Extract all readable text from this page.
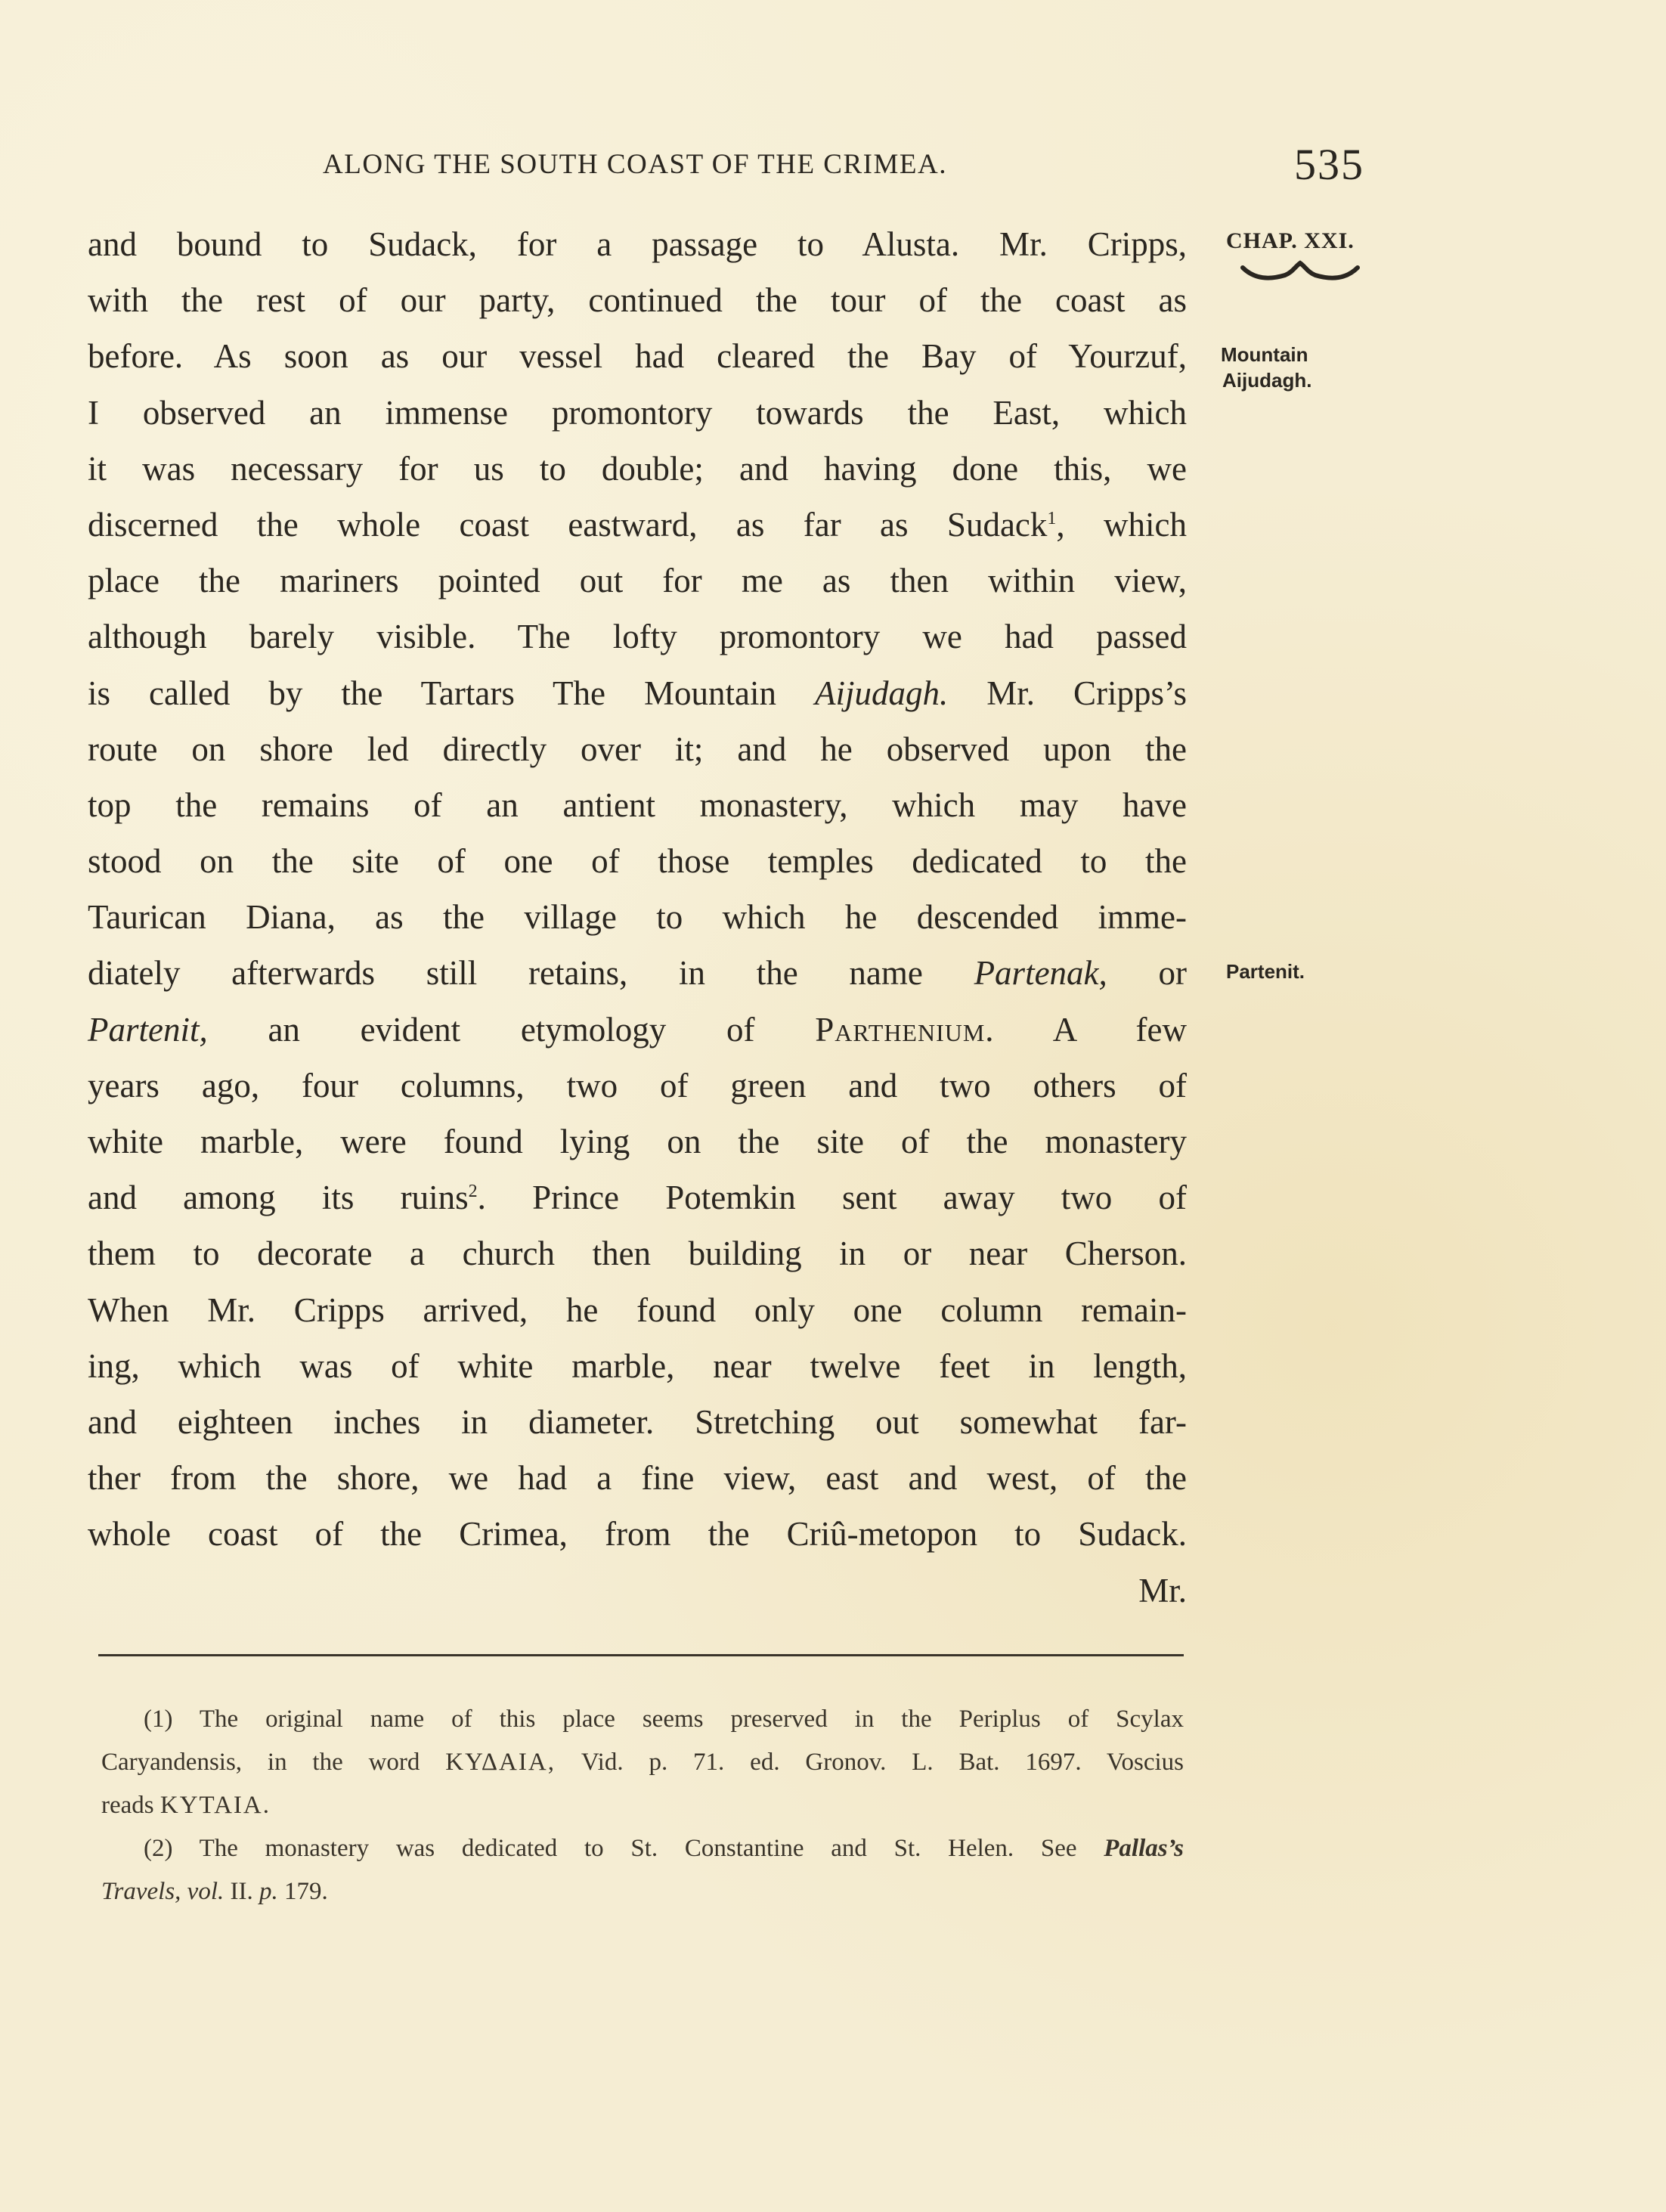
ALONG THE SOUTH COAST OF THE CRIMEA.	535
CHAP. XXI.
Mountain
Aijudagh.
Partenit.
and bound to Sudack, for a passage to Alusta. Mr. Cripps,
with the rest of our party, continued the tour of the coast as
before. As soon as our vessel had cleared the Bay of Yourzuf,
I observed an immense promontory towards the East, which
it was necessary for us to double; and having done this, we
discerned the whole coast eastward, as far as Sudack$^1$, which
place the mariners pointed out for me as then within view,
although barely visible. The lofty promontory we had passed
is called by the Tartars The Mountain Aijudagh. Mr. Cripps’s
route on shore led directly over it; and he observed upon the
top the remains of an antient monastery, which may have
stood on the site of one of those temples dedicated to the
Taurican Diana, as the village to which he descended imme-
diately afterwards still retains, in the name Partenak, or
Partenit, an evident etymology of Parthenium. A few
years ago, four columns, two of green and two others of
white marble, were found lying on the site of the monastery
and among its ruins$^2$. Prince Potemkin sent away two of
them to decorate a church then building in or near Cherson.
When Mr. Cripps arrived, he found only one column remain-
ing, which was of white marble, near twelve feet in length,
and eighteen inches in diameter. Stretching out somewhat far-
ther from the shore, we had a fine view, east and west, of the
whole coast of the Crimea, from the Criû-metopon to Sudack.
Mr.
(1) The original name of this place seems preserved in the Periplus of Scylax
Caryandensis, in the word ΚΥΔΑΙΑ, Vid. p. 71. ed. Gronov. L. Bat. 1697. Voscius
reads ΚΥΤΑΙΑ.
(2) The monastery was dedicated to St. Constantine and St. Helen. See Pallas’s
Travels, vol. II. p. 179.
